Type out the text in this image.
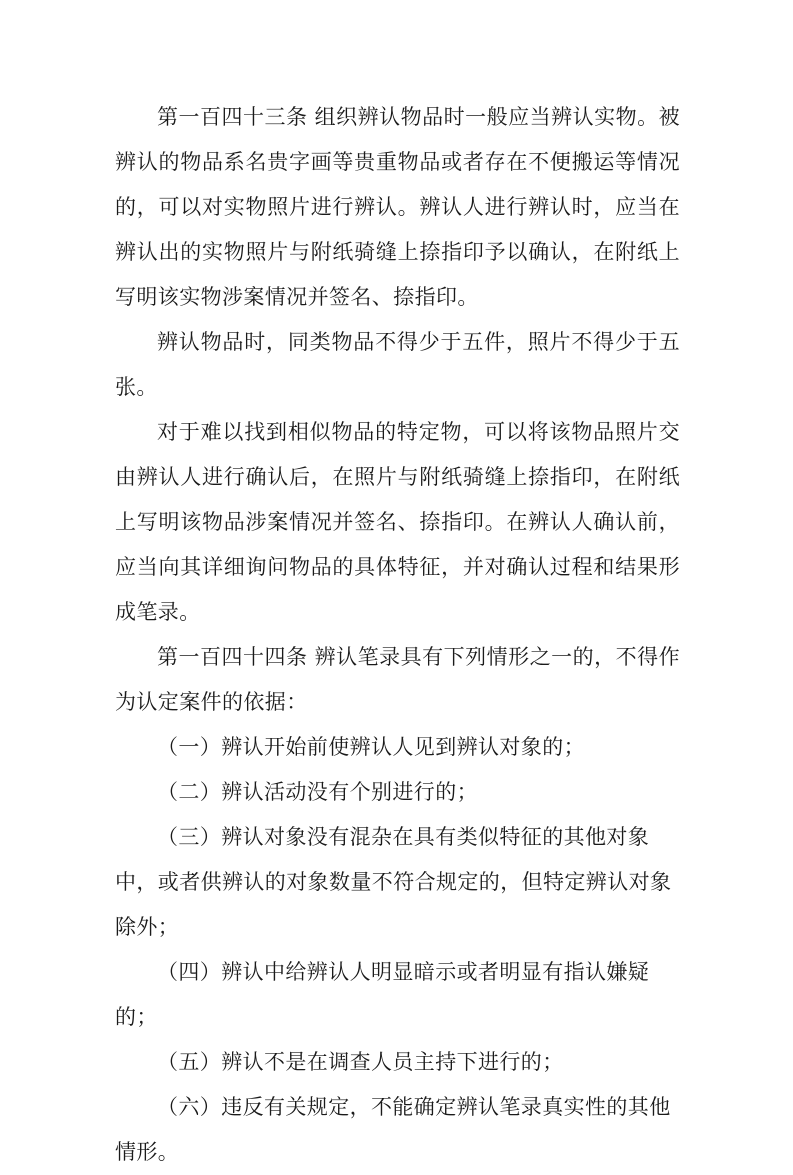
第一百四十三条 组织辨认物品时一般应当辨认实物。被辨认的物品系名贵字画等贵重物品或者存在不便搬运等情况的，可以对实物照片进行辨认。辨认人进行辨认时，应当在辨认出的实物照片与附纸骑缝上捺指印予以确认，在附纸上写明该实物涉案情况并签名、捺指印。

辨认物品时，同类物品不得少于五件，照片不得少于五张。

对于难以找到相似物品的特定物，可以将该物品照片交由辨认人进行确认后，在照片与附纸骑缝上捺指印，在附纸上写明该物品涉案情况并签名、捺指印。在辨认人确认前，应当向其详细询问物品的具体特征，并对确认过程和结果形成笔录。

第一百四十四条 辨认笔录具有下列情形之一的，不得作为认定案件的依据：

（一）辨认开始前使辨认人见到辨认对象的；

（二）辨认活动没有个别进行的；

（三）辨认对象没有混杂在具有类似特征的其他对象中，或者供辨认的对象数量不符合规定的，但特定辨认对象除外；

（四）辨认中给辨认人明显暗示或者明显有指认嫌疑的；

（五）辨认不是在调查人员主持下进行的；

（六）违反有关规定，不能确定辨认笔录真实性的其他情形。
